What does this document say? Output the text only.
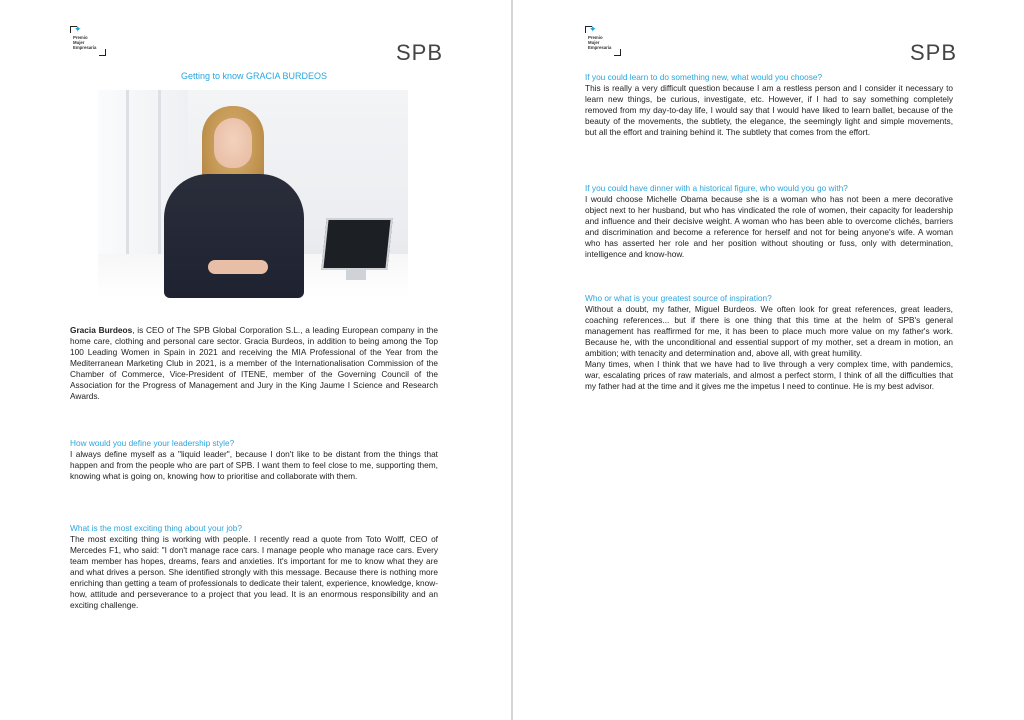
✦
Premio
Mujer
Empresaria	SPB
Getting to know GRACIA BURDEOS
Gracia Burdeos, is CEO of The SPB Global Corporation S.L., a leading European company in the home care, clothing and personal care sector. Gracia Burdeos, in addition to being among the Top 100 Leading Women in Spain in 2021 and receiving the MIA Professional of the Year from the Mediterranean Marketing Club in 2021, is a member of the Internationalisation Commission of the Chamber of Commerce, Vice-President of ITENE, member of the Governing Council of the Association for the Progress of Management and Jury in the King Jaume I Science and Research Awards.
How would you define your leadership style?

I always define myself as a "liquid leader", because I don't like to be distant from the things that happen and from the people who are part of SPB. I want them to feel close to me, supporting them, knowing what is going on, knowing how to prioritise and collaborate with them.

What is the most exciting thing about your job?

The most exciting thing is working with people. I recently read a quote from Toto Wolff, CEO of Mercedes F1, who said: "I don't manage race cars. I manage people who manage race cars. Every team member has hopes, dreams, fears and anxieties. It's important for me to know what they are and what drives a person. She identified strongly with this message. Because there is nothing more enriching than getting a team of professionals to dedicate their talent, experience, knowledge, know-how, attitude and perseverance to a project that you lead. It is an enormous responsibility and an exciting challenge.

✦
Premio
Mujer
Empresaria	SPB
If you could learn to do something new, what would you choose?

This is really a very difficult question because I am a restless person and I consider it necessary to learn new things, be curious, investigate, etc. However, if I had to say something completely removed from my day-to-day life, I would say that I would have liked to learn ballet, because of the beauty of the movements, the subtlety, the elegance, the seemingly light and simple movements, but all the effort and training behind it. The subtlety that comes from the effort.

If you could have dinner with a historical figure, who would you go with?

I would choose Michelle Obama because she is a woman who has not been a mere decorative object next to her husband, but who has vindicated the role of women, their capacity for leadership and influence and their decisive weight. A woman who has been able to overcome clichés, barriers and discrimination and become a reference for herself and not for being anyone's wife. A woman who has asserted her role and her position without shouting or fuss, only with determination, intelligence and know-how.

Who or what is your greatest source of inspiration?

Without a doubt, my father, Miguel Burdeos. We often look for great references, great leaders, coaching references... but if there is one thing that this time at the helm of SPB's general management has reaffirmed for me, it has been to place much more value on my father's work. Because he, with the unconditional and essential support of my mother, set a dream in motion, an ambition; with tenacity and determination and, above all, with great humility.

Many times, when I think that we have had to live through a very complex time, with pandemics, war, escalating prices of raw materials, and almost a perfect storm, I think of all the difficulties that my father had at the time and it gives me the impetus I need to continue. He is my best advisor.
